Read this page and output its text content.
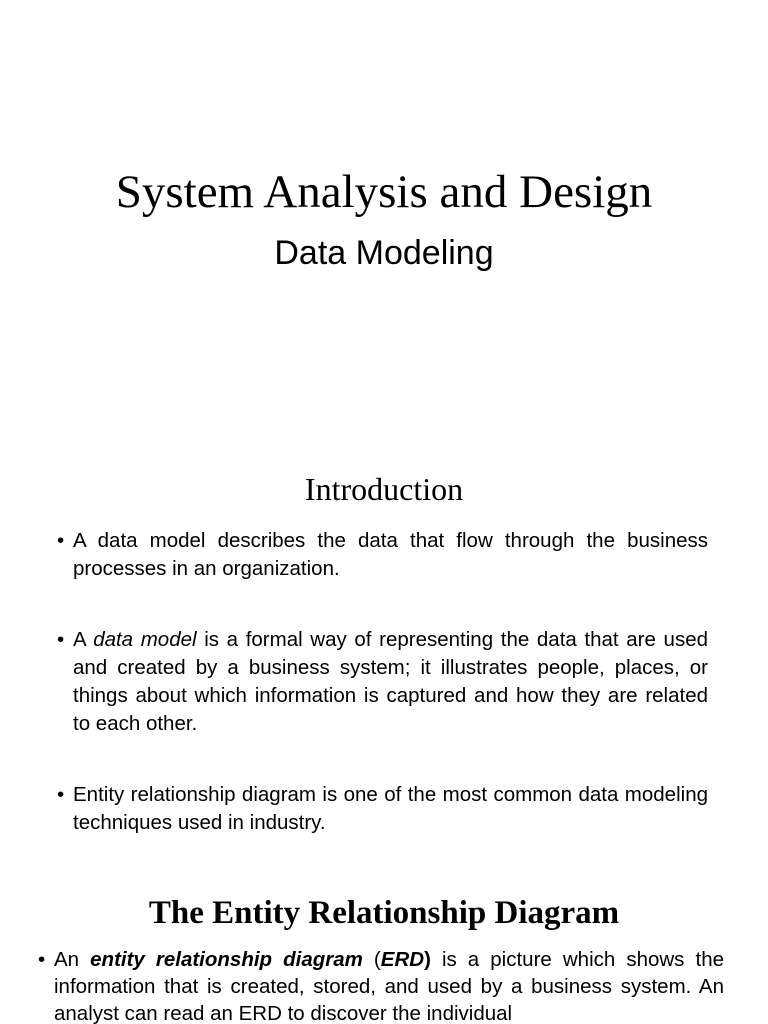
System Analysis and Design
Data Modeling
Introduction

• A data model describes the data that flow through the business processes in an organization.

• A data model is a formal way of representing the data that are used and created by a business system; it illustrates people, places, or things about which information is captured and how they are related to each other.

• Entity relationship diagram is one of the most common data modeling techniques used in industry.

The Entity Relationship Diagram

• An entity relationship diagram (ERD) is a picture which shows the information that is created, stored, and used by a business system. An analyst can read an ERD to discover the individual
